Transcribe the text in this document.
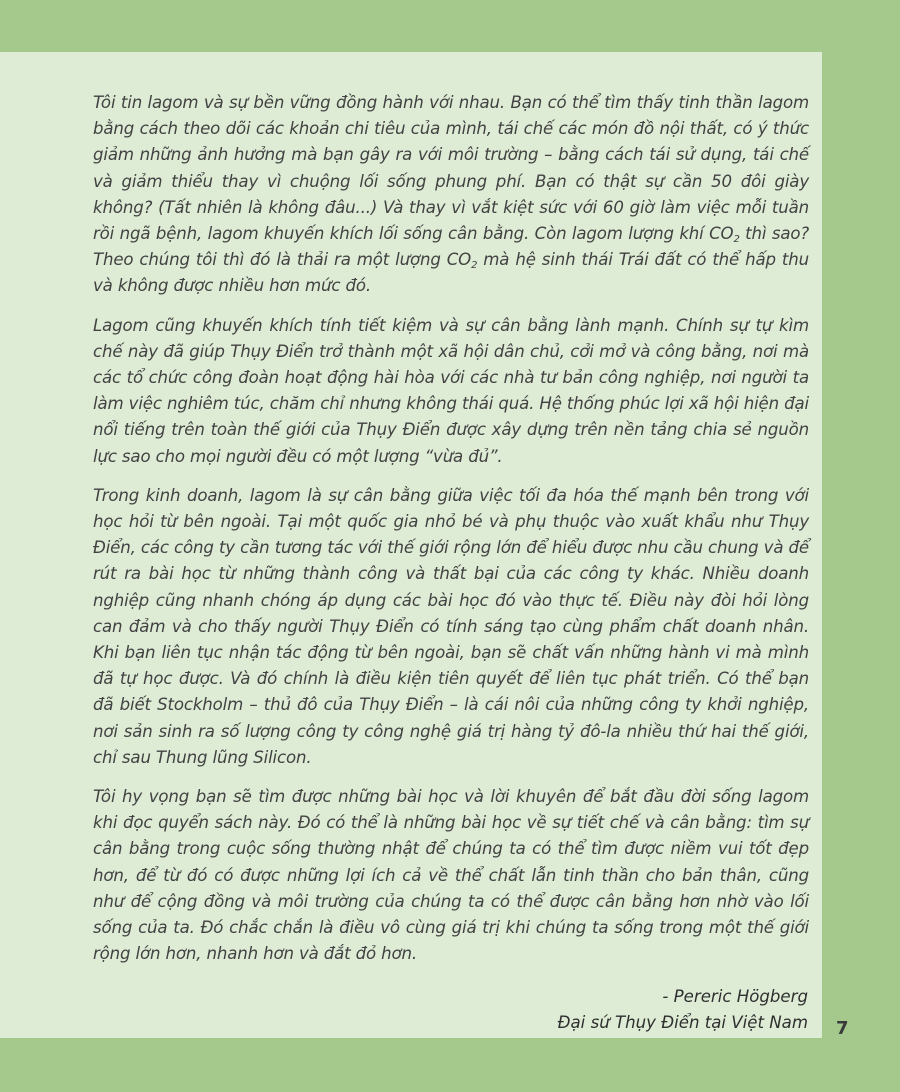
Tôi tin lagom và sự bền vững đồng hành với nhau. Bạn có thể tìm thấy tinh thần lagom bằng cách theo dõi các khoản chi tiêu của mình, tái chế các món đồ nội thất, có ý thức giảm những ảnh hưởng mà bạn gây ra với môi trường – bằng cách tái sử dụng, tái chế và giảm thiểu thay vì chuộng lối sống phung phí. Bạn có thật sự cần 50 đôi giày không? (Tất nhiên là không đâu...) Và thay vì vắt kiệt sức với 60 giờ làm việc mỗi tuần rồi ngã bệnh, lagom khuyến khích lối sống cân bằng. Còn lagom lượng khí $CO_2$ thì sao? Theo chúng tôi thì đó là thải ra một lượng $CO_2$ mà hệ sinh thái Trái đất có thể hấp thu và không được nhiều hơn mức đó.

Lagom cũng khuyến khích tính tiết kiệm và sự cân bằng lành mạnh. Chính sự tự kìm chế này đã giúp Thụy Điển trở thành một xã hội dân chủ, cởi mở và công bằng, nơi mà các tổ chức công đoàn hoạt động hài hòa với các nhà tư bản công nghiệp, nơi người ta làm việc nghiêm túc, chăm chỉ nhưng không thái quá. Hệ thống phúc lợi xã hội hiện đại nổi tiếng trên toàn thế giới của Thụy Điển được xây dựng trên nền tảng chia sẻ nguồn lực sao cho mọi người đều có một lượng “vừa đủ”.

Trong kinh doanh, lagom là sự cân bằng giữa việc tối đa hóa thế mạnh bên trong với học hỏi từ bên ngoài. Tại một quốc gia nhỏ bé và phụ thuộc vào xuất khẩu như Thụy Điển, các công ty cần tương tác với thế giới rộng lớn để hiểu được nhu cầu chung và để rút ra bài học từ những thành công và thất bại của các công ty khác. Nhiều doanh nghiệp cũng nhanh chóng áp dụng các bài học đó vào thực tế. Điều này đòi hỏi lòng can đảm và cho thấy người Thụy Điển có tính sáng tạo cùng phẩm chất doanh nhân. Khi bạn liên tục nhận tác động từ bên ngoài, bạn sẽ chất vấn những hành vi mà mình đã tự học được. Và đó chính là điều kiện tiên quyết để liên tục phát triển. Có thể bạn đã biết Stockholm – thủ đô của Thụy Điển – là cái nôi của những công ty khởi nghiệp, nơi sản sinh ra số lượng công ty công nghệ giá trị hàng tỷ đô-la nhiều thứ hai thế giới, chỉ sau Thung lũng Silicon.

Tôi hy vọng bạn sẽ tìm được những bài học và lời khuyên để bắt đầu đời sống lagom khi đọc quyển sách này. Đó có thể là những bài học về sự tiết chế và cân bằng: tìm sự cân bằng trong cuộc sống thường nhật để chúng ta có thể tìm được niềm vui tốt đẹp hơn, để từ đó có được những lợi ích cả về thể chất lẫn tinh thần cho bản thân, cũng như để cộng đồng và môi trường của chúng ta có thể được cân bằng hơn nhờ vào lối sống của ta. Đó chắc chắn là điều vô cùng giá trị khi chúng ta sống trong một thế giới rộng lớn hơn, nhanh hơn và đắt đỏ hơn.

- Pereric Högberg
Đại sứ Thụy Điển tại Việt Nam 7
